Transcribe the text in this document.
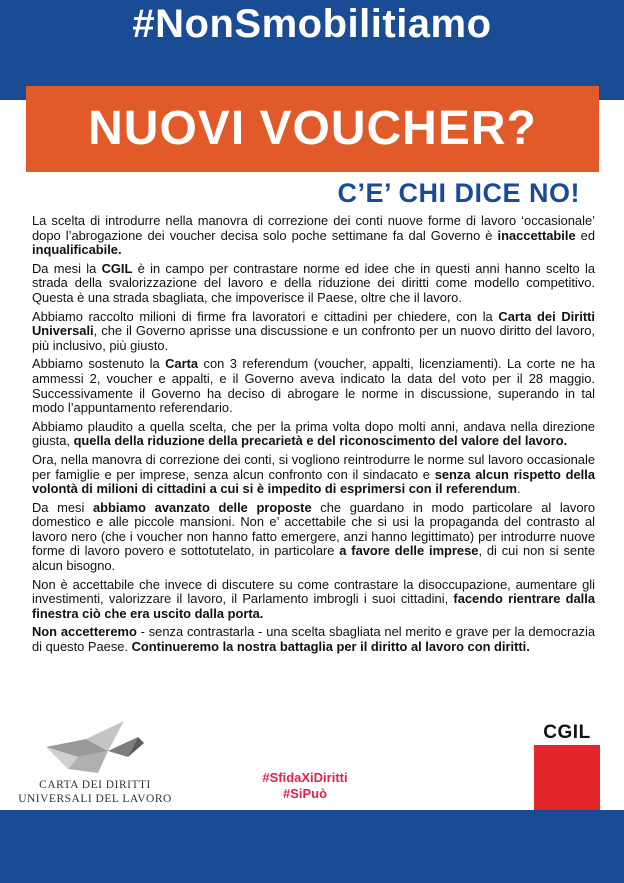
#NonSmobilitiamo
NUOVI VOUCHER?
C’E’ CHI DICE NO!

La scelta di introdurre nella manovra di correzione dei conti nuove forme di lavoro ‘occasionale’ dopo l’abrogazione dei voucher decisa solo poche settimane fa dal Governo è inaccettabile ed inqualificabile.

Da mesi la CGIL è in campo per contrastare norme ed idee che in questi anni hanno scelto la strada della svalorizzazione del lavoro e della riduzione dei diritti come modello competitivo. Questa è una strada sbagliata, che impoverisce il Paese, oltre che il lavoro.

Abbiamo raccolto milioni di firme fra lavoratori e cittadini per chiedere, con la Carta dei Diritti Universali, che il Governo aprisse una discussione e un confronto per un nuovo diritto del lavoro, più inclusivo, più giusto.

Abbiamo sostenuto la Carta con 3 referendum (voucher, appalti, licenziamenti). La corte ne ha ammessi 2, voucher e appalti, e il Governo aveva indicato la data del voto per il 28 maggio. Successivamente il Governo ha deciso di abrogare le norme in discussione, superando in tal modo l’appuntamento referendario.

Abbiamo plaudito a quella scelta, che per la prima volta dopo molti anni, andava nella direzione giusta, quella della riduzione della precarietà e del riconoscimento del valore del lavoro.

Ora, nella manovra di correzione dei conti, si vogliono reintrodurre le norme sul lavoro occasionale per famiglie e per imprese, senza alcun confronto con il sindacato e senza alcun rispetto della volontà di milioni di cittadini a cui si è impedito di esprimersi con il referendum.

Da mesi abbiamo avanzato delle proposte che guardano in modo particolare al lavoro domestico e alle piccole mansioni. Non e’ accettabile che si usi la propaganda del contrasto al lavoro nero (che i voucher non hanno fatto emergere, anzi hanno legittimato) per introdurre nuove forme di lavoro povero e sottotutelato, in particolare a favore delle imprese, di cui non si sente alcun bisogno.

Non è accettabile che invece di discutere su come contrastare la disoccupazione, aumentare gli investimenti, valorizzare il lavoro, il Parlamento imbrogli i suoi cittadini, facendo rientrare dalla finestra ciò che era uscito dalla porta.

Non accetteremo - senza contrastarla - una scelta sbagliata nel merito e grave per la democrazia di questo Paese. Continueremo la nostra battaglia per il diritto al lavoro con diritti.

CARTA DEI DIRITTI
UNIVERSALI DEL LAVORO
#SfidaXiDiritti
#SiPuò
CGIL
